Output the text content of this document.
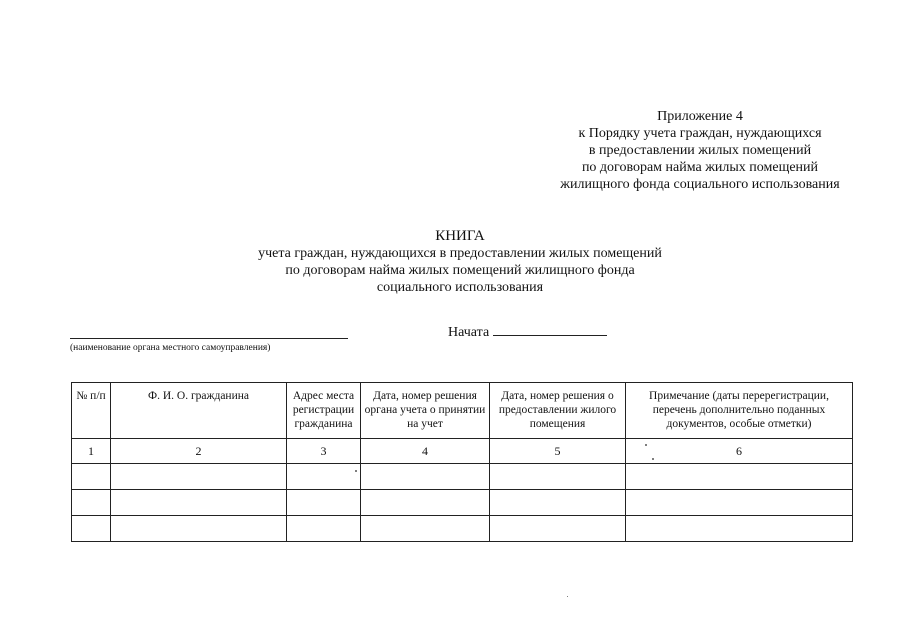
Приложение 4
к Порядку учета граждан, нуждающихся
в предоставлении жилых помещений
по договорам найма жилых помещений
жилищного фонда социального использования
КНИГА
учета граждан, нуждающихся в предоставлении жилых помещений
по договорам найма жилых помещений жилищного фонда
социального использования
(наименование органа местного самоуправления)
Начата
№ п/п	Ф. И. О. гражданина	Адрес места регистрации гражданина	Дата, номер решения органа учета о принятии на учет	Дата, номер решения о предоставлении жилого помещения	Примечание (даты перерегистрации, перечень дополнительно поданных документов, особые отметки)
1	2	3	4	5	6
